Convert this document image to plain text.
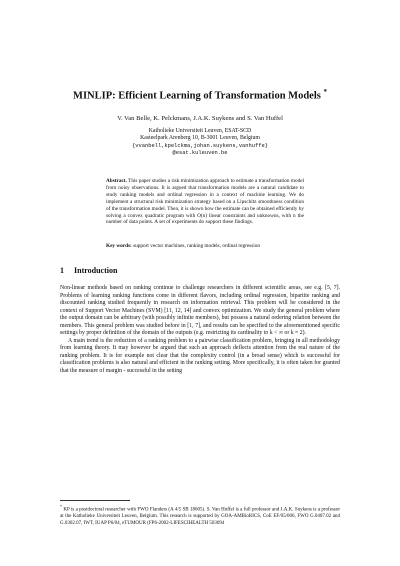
MINLIP: Efficient Learning of Transformation Models *
V. Van Belle, K. Pelckmans, J.A.K. Suykens and S. Van Huffel
Katholieke Universiteit Leuven, ESAT-SCD
Kasteelpark Arenberg 10, B-3001 Leuven, Belgium
{vvanbell,kpelckma,johan.suykens,vanhuffe}
@esat.kuleuven.be
Abstract. This paper studies a risk minimization approach to estimate a transformation model from noisy observations. It is argued that transformation models are a natural candidate to study ranking models and ordinal regression in a context of machine learning. We do implement a structural risk minimization strategy based on a Lipschitz smoothness condition of the transformation model. Then, it is shown how the estimate can be obtained efficiently by solving a convex quadratic program with O(n) linear constraints and unknowns, with n the number of data points. A set of experiments do support these findings.
Key words: support vector machines, ranking models, ordinal regression
1 Introduction

Non-linear methods based on ranking continue to challenge researchers in different scientific areas, see e.g. [5, 7]. Problems of learning ranking functions come in different flavors, including ordinal regression, bipartite ranking and discounted ranking studied frequently in research on information retrieval. This problem will be considered in the context of Support Vector Machines (SVM) [11, 12, 14] and convex optimization. We study the general problem where the output domain can be arbitrary (with possibly infinite members), but possess a natural ordering relation between the members. This general problem was studied before in [1, 7], and results can be specified to the aforementioned specific settings by proper definition of the domain of the outputs (e.g. restricting its cardinality to k < ∞ or k = 2).

A main trend is the reduction of a ranking problem to a pairwise classification problem, bringing in all methodology from learning theory. It may however be argued that such an approach deflects attention from the real nature of the ranking problem. It is for example not clear that the complexity control (in a broad sense) which is successful for classification problems is also natural and efficient in the ranking setting. More specifically, it is often taken for granted that the measure of margin - successful in the setting

* KP is a postdoctoral researcher with FWO Flanders (A 4/5 SB 18605). S. Van Huffel is a full professor and J.A.K. Suykens is a professor at the Katholieke Universiteit Leuven, Belgium. This research is supported by GOA-AMBioRICS, CoE EF/05/006, FWO G.0407.02 and G.0302.07, IWT, IUAP P6/04, eTUMOUR (FP6-2002-LIFESCIHEALTH 503094
